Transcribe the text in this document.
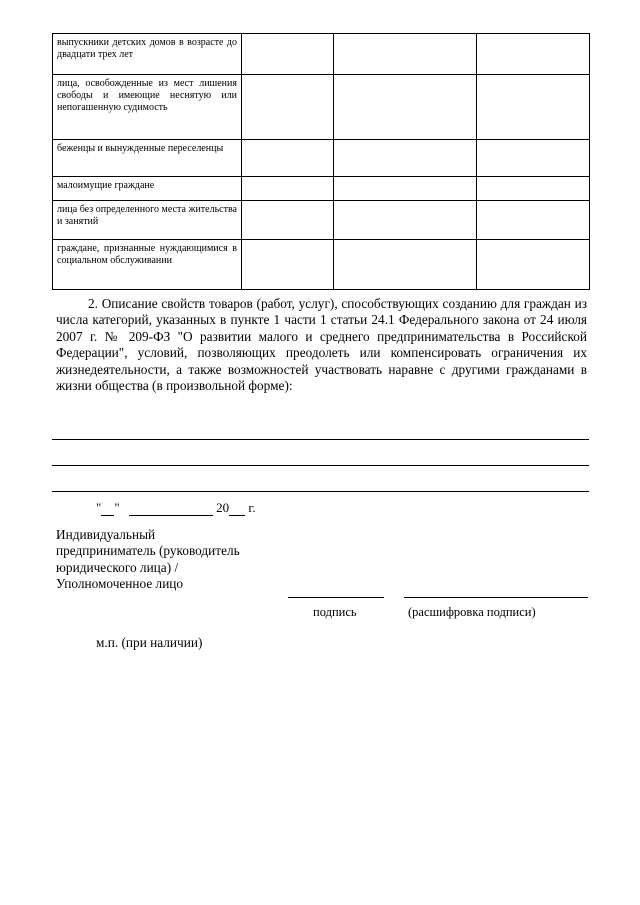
выпускники детских домов в возрасте до двадцати трех лет			
лица, освобожденные из мест лишения свободы и имеющие неснятую или непогашенную судимость			
беженцы и вынужденные переселенцы			
малоимущие граждане			
лица без определенного места жительства и занятий			
граждане, признанные нуждающимися в социальном обслуживании			

2. Описание свойств товаров (работ, услуг), способствующих созданию для граждан из числа категорий, указанных в пункте 1 части 1 статьи 24.1 Федерального закона от 24 июля 2007 г. № 209-ФЗ "О развитии малого и среднего предпринимательства в Российской Федерации", условий, позволяющих преодолеть или компенсировать ограничения их жизнедеятельности, а также возможностей участвовать наравне с другими гражданами в жизни общества (в произвольной форме):

" "	20 г.
Индивидуальный
предприниматель (руководитель
юридического лица) /
Уполномоченное лицо
подпись	(расшифровка подписи)
м.п. (при наличии)
